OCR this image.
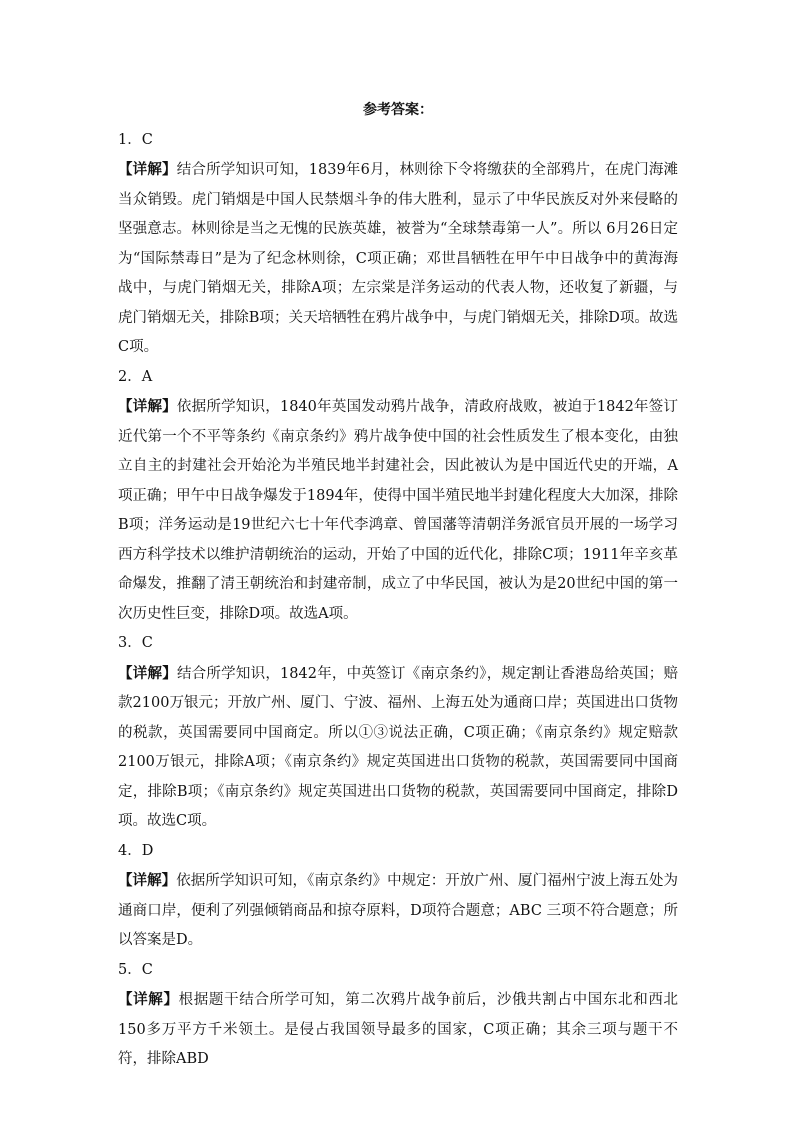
参考答案：
1．C
【详解】结合所学知识可知，1839年6月，林则徐下令将缴获的全部鸦片，在虎门海滩当众销毁。虎门销烟是中国人民禁烟斗争的伟大胜利，显示了中华民族反对外来侵略的坚强意志。林则徐是当之无愧的民族英雄，被誉为“全球禁毒第一人”。所以 6月26日定为“国际禁毒日”是为了纪念林则徐，C项正确；邓世昌牺牲在甲午中日战争中的黄海海战中，与虎门销烟无关，排除A项；左宗棠是洋务运动的代表人物，还收复了新疆，与虎门销烟无关，排除B项；关天培牺牲在鸦片战争中，与虎门销烟无关，排除D项。故选C项。
2．A
【详解】依据所学知识，1840年英国发动鸦片战争，清政府战败，被迫于1842年签订近代第一个不平等条约《南京条约》鸦片战争使中国的社会性质发生了根本变化，由独立自主的封建社会开始沦为半殖民地半封建社会，因此被认为是中国近代史的开端，A项正确；甲午中日战争爆发于1894年，使得中国半殖民地半封建化程度大大加深，排除B项；洋务运动是19世纪六七十年代李鸿章、曾国藩等清朝洋务派官员开展的一场学习西方科学技术以维护清朝统治的运动，开始了中国的近代化，排除C项；1911年辛亥革命爆发，推翻了清王朝统治和封建帝制，成立了中华民国，被认为是20世纪中国的第一次历史性巨变，排除D项。故选A项。
3．C
【详解】结合所学知识，1842年，中英签订《南京条约》，规定割让香港岛给英国；赔款2100万银元；开放广州、厦门、宁波、福州、上海五处为通商口岸；英国进出口货物的税款，英国需要同中国商定。所以①③说法正确，C项正确；《南京条约》规定赔款2100万银元，排除A项；《南京条约》规定英国进出口货物的税款，英国需要同中国商定，排除B项；《南京条约》规定英国进出口货物的税款，英国需要同中国商定，排除D项。故选C项。
4．D
【详解】依据所学知识可知，《南京条约》中规定：开放广州、厦门福州宁波上海五处为通商口岸，便利了列强倾销商品和掠夺原料，D项符合题意；ABC 三项不符合题意；所以答案是D。
5．C
【详解】根据题干结合所学可知，第二次鸦片战争前后，沙俄共割占中国东北和西北150多万平方千米领土。是侵占我国领导最多的国家，C项正确；其余三项与题干不符，排除ABD
